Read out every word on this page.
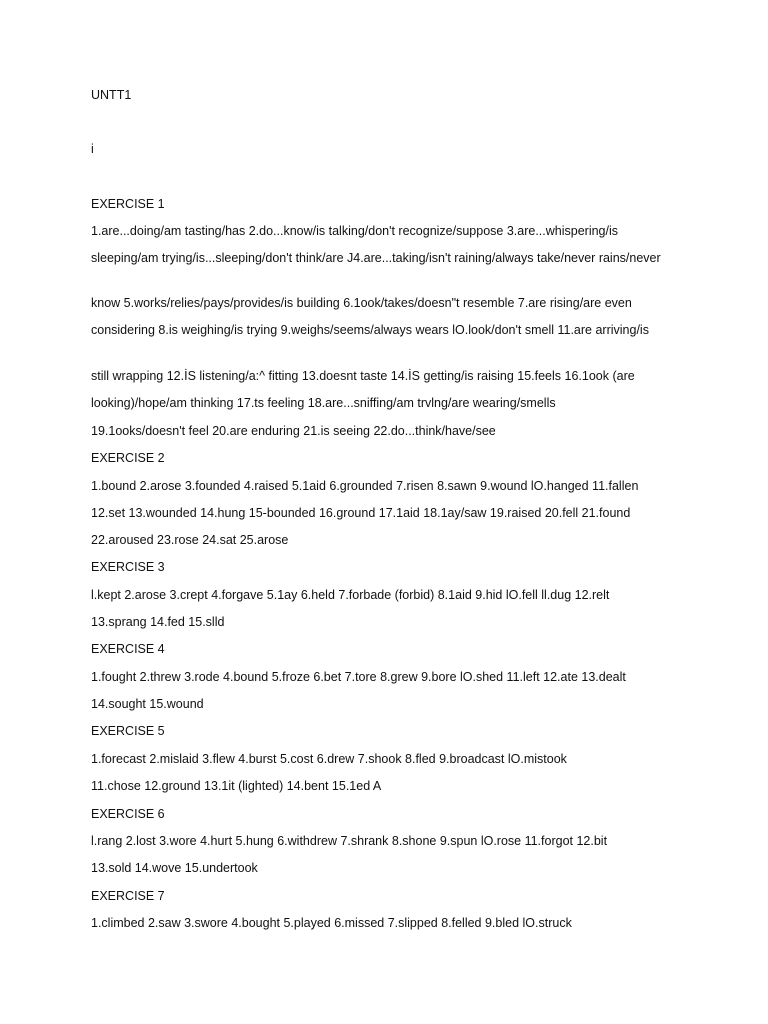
UNTT1
i
EXERCISE 1
1.are...doing/am tasting/has 2.do...know/is talking/don't recognize/suppose 3.are...whispering/is
sleeping/am trying/is...sleeping/don't think/are J4.are...taking/isn't raining/always take/never rains/never
know 5.works/relies/pays/provides/is building 6.1ook/takes/doesn"t resemble 7.are rising/are even
considering 8.is weighing/is trying 9.weighs/seems/always wears lO.look/don't smell 11.are arriving/is
still wrapping 12.İS listening/a:^ fitting 13.doesnt taste 14.İS getting/is raising 15.feels 16.1ook (are
looking)/hope/am thinking 17.ts feeling 18.are...sniffing/am trvlng/are wearing/smells
19.1ooks/doesn't feel 20.are enduring 21.is seeing 22.do...think/have/see
EXERCISE 2
1.bound 2.arose 3.founded 4.raised 5.1aid 6.grounded 7.risen 8.sawn 9.wound lO.hanged 11.fallen
12.set 13.wounded 14.hung 15-bounded 16.ground 17.1aid 18.1ay/saw 19.raised 20.fell 21.found
22.aroused 23.rose 24.sat 25.arose
EXERCISE 3
l.kept 2.arose 3.crept 4.forgave 5.1ay 6.held 7.forbade (forbid) 8.1aid 9.hid lO.fell ll.dug 12.relt
13.sprang 14.fed 15.slld
EXERCISE 4
1.fought 2.threw 3.rode 4.bound 5.froze 6.bet 7.tore 8.grew 9.bore lO.shed 11.left 12.ate 13.dealt
14.sought 15.wound
EXERCISE 5
1.forecast 2.mislaid 3.flew 4.burst 5.cost 6.drew 7.shook 8.fled 9.broadcast lO.mistook
11.chose 12.ground 13.1it (lighted) 14.bent 15.1ed A
EXERCISE 6
l.rang 2.lost 3.wore 4.hurt 5.hung 6.withdrew 7.shrank 8.shone 9.spun lO.rose 11.forgot 12.bit
13.sold 14.wove 15.undertook
EXERCISE 7
1.climbed 2.saw 3.swore 4.bought 5.played 6.missed 7.slipped 8.felled 9.bled lO.struck
